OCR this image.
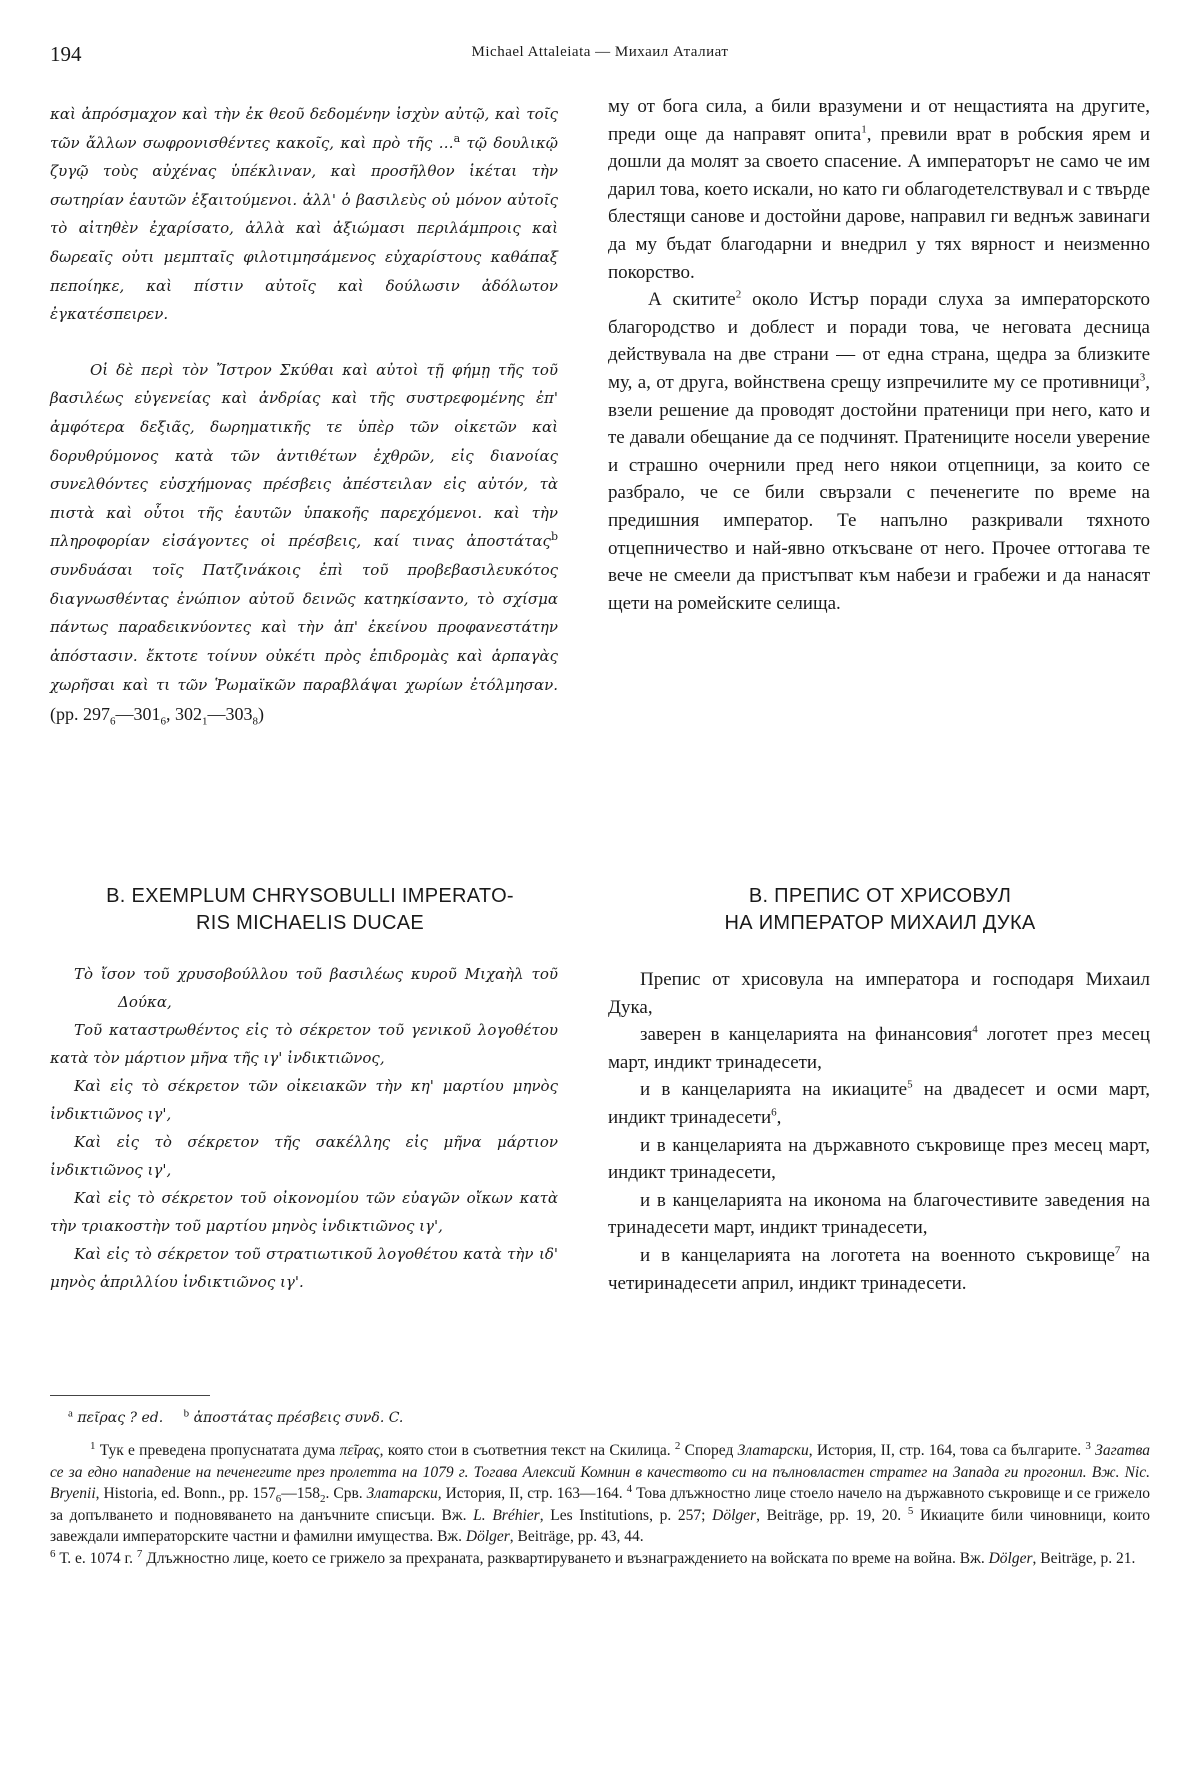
194	Michael Attaleiata — Михаил Аталиат

καὶ ἀπρόσμαχον καὶ τὴν ἐκ θεοῦ δεδομένην ἰσχὺν αὐτῷ, καὶ τοῖς τῶν ἄλλων σωφρονισθέντες κακοῖς, καὶ πρὸ τῆς …$^a$ τῷ δουλικῷ ζυγῷ τοὺς αὐχένας ὑπέκλιναν, καὶ προσῆλθον ἱκέται τὴν σωτηρίαν ἑαυτῶν ἐξαιτούμενοι. ἀλλ' ὁ βασιλεὺς οὐ μόνον αὐτοῖς τὸ αἰτηθὲν ἐχαρίσατο, ἀλλὰ καὶ ἀξιώμασι περιλάμπροις καὶ δωρεαῖς οὐτι μεμπταῖς φιλοτιμησάμενος εὐχαρίστους καθάπαξ πεποίηκε, καὶ πίστιν αὐτοῖς καὶ δούλωσιν ἀδόλωτον ἐγκατέσπειρεν.

Οἱ δὲ περὶ τὸν Ἴστρον Σκύθαι καὶ αὐτοὶ τῇ φήμῃ τῆς τοῦ βασιλέως εὐγενείας καὶ ἀνδρίας καὶ τῆς συστρεφομένης ἐπ' ἀμφότερα δεξιᾶς, δωρηματικῆς τε ὑπὲρ τῶν οἰκετῶν καὶ δορυθρύμονος κατὰ τῶν ἀντιθέτων ἐχθρῶν, εἰς διανοίας συνελθόντες εὐσχήμονας πρέσβεις ἀπέστειλαν εἰς αὐτόν, τὰ πιστὰ καὶ οὗτοι τῆς ἑαυτῶν ὑπακοῆς παρεχόμενοι. καὶ τὴν πληροφορίαν εἰσάγοντες οἱ πρέσβεις, καί τινας ἀποστάτας$^b$ συνδυάσαι τοῖς Πατζινάκοις ἐπὶ τοῦ προβεβασιλευκότος διαγνωσθέντας ἐνώπιον αὐτοῦ δεινῶς κατηκίσαντο, τὸ σχίσμα πάντως παραδεικνύοντες καὶ τὴν ἀπ' ἐκείνου προφανεστάτην ἀπόστασιν. ἔκτοτε τοίνυν οὐκέτι πρὸς ἐπιδρομὰς καὶ ἁρπαγὰς χωρῆσαι καὶ τι τῶν Ῥωμαϊκῶν παραβλάψαι χωρίων ἐτόλμησαν. (pp. $297_6—301_6$, $302_1—303_8$)

му от бога сила, а били вразумени и от нещастията на другите, преди още да направят опита$^1$, превили врат в робския ярем и дошли да молят за своето спасение. А императорът не само че им дарил това, което искали, но като ги облагодетелствувал и с твърде блестящи санове и достойни дарове, направил ги веднъж завинаги да му бъдат благодарни и внедрил у тях вярност и неизменно покорство.

А скитите$^2$ около Истър поради слуха за императорското благородство и доблест и поради това, че неговата десница действувала на две страни — от една страна, щедра за близките му, а, от друга, войнствена срещу изпречилите му се противници$^3$, взели решение да проводят достойни пратеници при него, като и те давали обещание да се подчинят. Пратениците носели уверение и страшно очернили пред него някои отцепници, за които се разбрало, че се били свързали с печенегите по време на предишния император. Те напълно разкривали тяхното отцепничество и най-явно откъсване от него. Прочее оттогава те вече не смеели да пристъпват към набези и грабежи и да нанасят щети на ромейските селища.

B. EXEMPLUM CHRYSOBULLI IMPERATO-
RIS MICHAELIS DUCAE
В. ПРЕПИС ОТ ХРИСОВУЛ
НА ИМПЕРАТОР МИХАИЛ ДУКА

Τὸ ἴσον τοῦ χρυσοβούλλου τοῦ βασιλέως κυροῦ Μιχαὴλ τοῦ Δούκα,

Τοῦ καταστρωθέντος εἰς τὸ σέκρετον τοῦ γενικοῦ λογοθέτου κατὰ τὸν μάρτιον μῆνα τῆς ιγ' ἰνδικτιῶνος,

Καὶ εἰς τὸ σέκρετον τῶν οἰκειακῶν τὴν κη' μαρτίου μηνὸς ἰνδικτιῶνος ιγ',

Καὶ εἰς τὸ σέκρετον τῆς σακέλλης εἰς μῆνα μάρτιον ἰνδικτιῶνος ιγ',

Καὶ εἰς τὸ σέκρετον τοῦ οἰκονομίου τῶν εὐαγῶν οἴκων κατὰ τὴν τριακοστὴν τοῦ μαρτίου μηνὸς ἰνδικτιῶνος ιγ',

Καὶ εἰς τὸ σέκρετον τοῦ στρατιωτικοῦ λογοθέτου κατὰ τὴν ιδ' μηνὸς ἀπριλλίου ἰνδικτιῶνος ιγ'.

Препис от хрисовула на императора и господаря Михаил Дука,

заверен в канцеларията на финансовия$^4$ логотет през месец март, индикт тринадесети,

и в канцеларията на икиаците$^5$ на двадесет и осми март, индикт тринадесети$^6$,

и в канцеларията на държавното съкровище през месец март, индикт тринадесети,

и в канцеларията на иконома на благочестивите заведения на тринадесети март, индикт тринадесети,

и в канцеларията на логотета на военното съкровище$^7$ на четиринадесети април, индикт тринадесети.

$^a$ πεῖρας ? ed. $^b$ ἀποστάτας πρέσβεις συνδ. C.

$^1$ Тук е преведена пропуснатата дума πεῖρας, която стои в съответния текст на Скилица. $^2$ Според Златарски, История, II, стр. 164, това са българите. $^3$ Загатва се за едно нападение на печенегите през пролетта на 1079 г. Тогава Алексий Комнин в качеството си на пълновластен стратег на Запада ги прогонил. Вж. Nic. Bryenii, Historia, ed. Bonn., pp. $157_6—158_2$. Срв. Златарски, История, II, стр. 163—164. $^4$ Това длъжностно лице стоело начело на държавното съкровище и се грижело за допълването и подновяването на данъчните списъци. Вж. L. Bréhier, Les Institutions, p. 257; Dölger, Beiträge, pp. 19, 20. $^5$ Икиаците били чиновници, които завеждали императорските частни и фамилни имущества. Вж. Dölger, Beiträge, pp. 43, 44.

$^6$ Т. е. 1074 г. $^7$ Длъжностно лице, което се грижело за прехраната, разквартируването и възнаграждението на войската по време на война. Вж. Dölger, Beiträge, p. 21.
